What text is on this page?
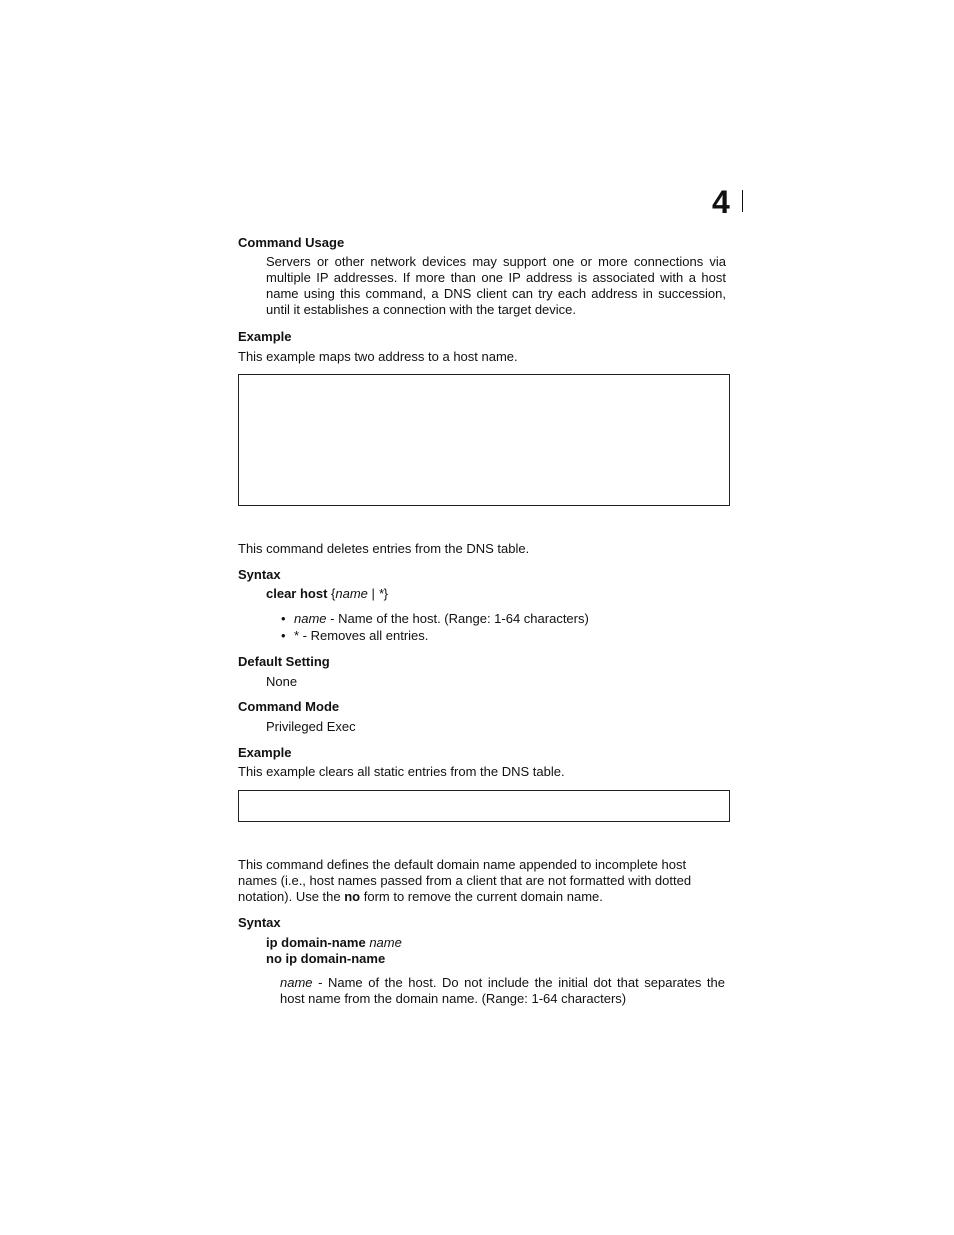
4
Command Usage
Servers or other network devices may support one or more connections via multiple IP addresses. If more than one IP address is associated with a host name using this command, a DNS client can try each address in succession, until it establishes a connection with the target device.
Example
This example maps two address to a host name.
This command deletes entries from the DNS table.
Syntax
clear host {name | *}
• name - Name of the host. (Range: 1-64 characters)
• * - Removes all entries.
Default Setting
None
Command Mode
Privileged Exec
Example
This example clears all static entries from the DNS table.
This command defines the default domain name appended to incomplete host names (i.e., host names passed from a client that are not formatted with dotted notation). Use the no form to remove the current domain name.
Syntax
ip domain-name name
no ip domain-name
name - Name of the host. Do not include the initial dot that separates the host name from the domain name. (Range: 1-64 characters)
